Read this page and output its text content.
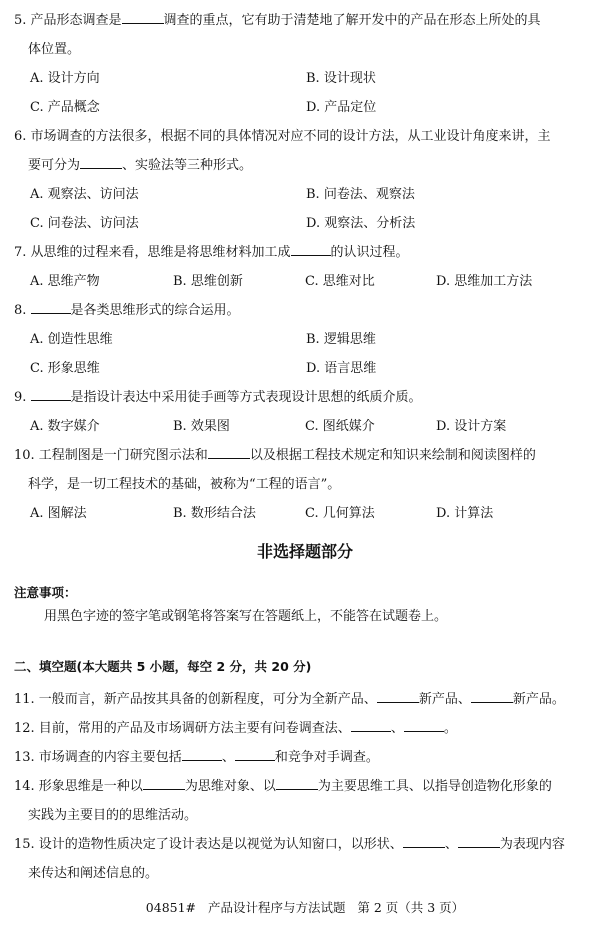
5. 产品形态调查是	调查的重点，它有助于清楚地了解开发中的产品在形态上所处的具
体位置。
A. 设计方向	B. 设计现状
C. 产品概念	D. 产品定位
6. 市场调查的方法很多，根据不同的具体情况对应不同的设计方法，从工业设计角度来讲，主
要可分为	、实验法等三种形式。
A. 观察法、访问法	B. 问卷法、观察法
C. 问卷法、访问法	D. 观察法、分析法
7. 从思维的过程来看，思维是将思维材料加工成	的认识过程。
A. 思维产物	B. 思维创新	C. 思维对比	D. 思维加工方法
8.	是各类思维形式的综合运用。
A. 创造性思维	B. 逻辑思维
C. 形象思维	D. 语言思维
9.	是指设计表达中采用徒手画等方式表现设计思想的纸质介质。
A. 数字媒介	B. 效果图	C. 图纸媒介	D. 设计方案
10. 工程制图是一门研究图示法和	以及根据工程技术规定和知识来绘制和阅读图样的
科学，是一切工程技术的基础，被称为“工程的语言”。
A. 图解法	B. 数形结合法	C. 几何算法	D. 计算法
非选择题部分
注意事项：
用黑色字迹的签字笔或钢笔将答案写在答题纸上，不能答在试题卷上。
二、填空题(本大题共 5 小题，每空 2 分，共 20 分)
11. 一般而言，新产品按其具备的创新程度，可分为全新产品、	新产品、	新产品。
12. 目前，常用的产品及市场调研方法主要有问卷调查法、	、	。
13. 市场调查的内容主要包括	、	和竞争对手调查。
14. 形象思维是一种以	为思维对象、以	为主要思维工具、以指导创造物化形象的
实践为主要目的的思维活动。
15. 设计的造物性质决定了设计表达是以视觉为认知窗口，以形状、	、	为表现内容
来传达和阐述信息的。
04851#   产品设计程序与方法试题   第 2 页（共 3 页）
